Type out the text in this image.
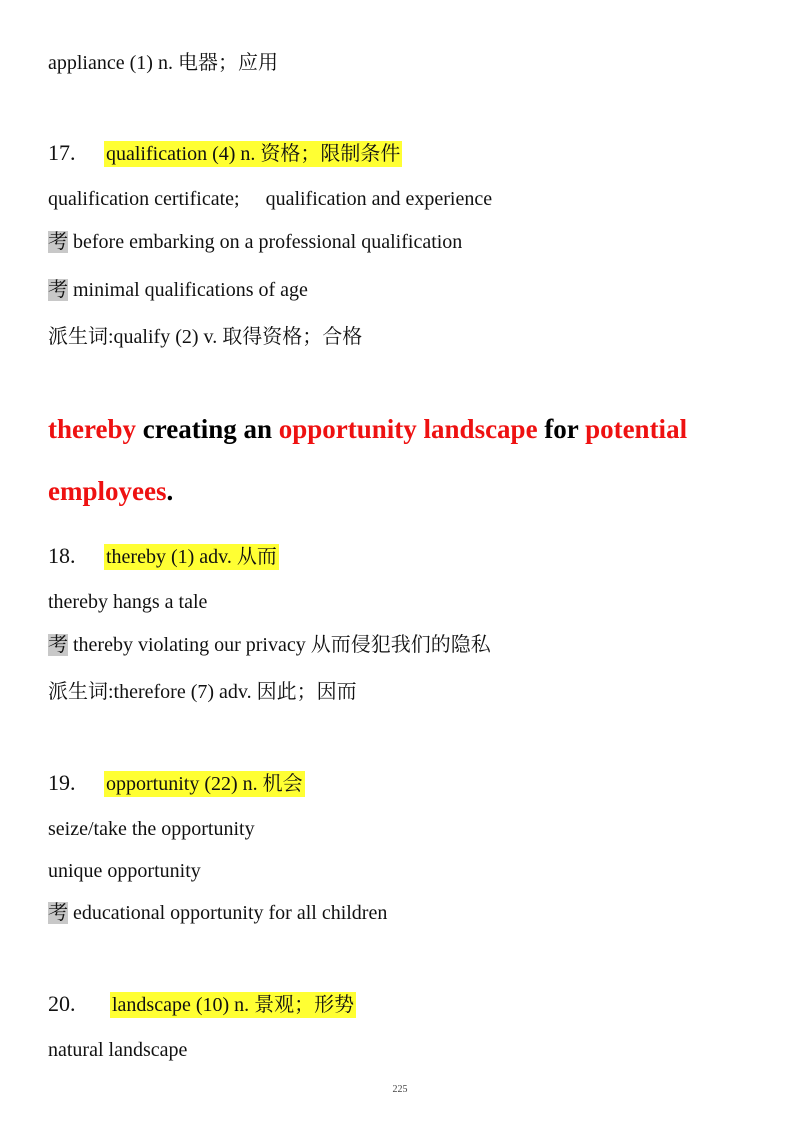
appliance (1) n. 电器；应用
17. qualification (4) n. 资格；限制条件
qualification certificate; qualification and experience
考 before embarking on a professional qualification
考 minimal qualifications of age
派生词:qualify (2) v. 取得资格；合格
thereby creating an opportunity landscape for potential
employees.
18. thereby (1) adv. 从而
thereby hangs a tale
考 thereby violating our privacy 从而侵犯我们的隐私
派生词:therefore (7) adv. 因此；因而
19. opportunity (22) n. 机会
seize/take the opportunity
unique opportunity
考 educational opportunity for all children
20. landscape (10) n. 景观；形势
natural landscape
225
